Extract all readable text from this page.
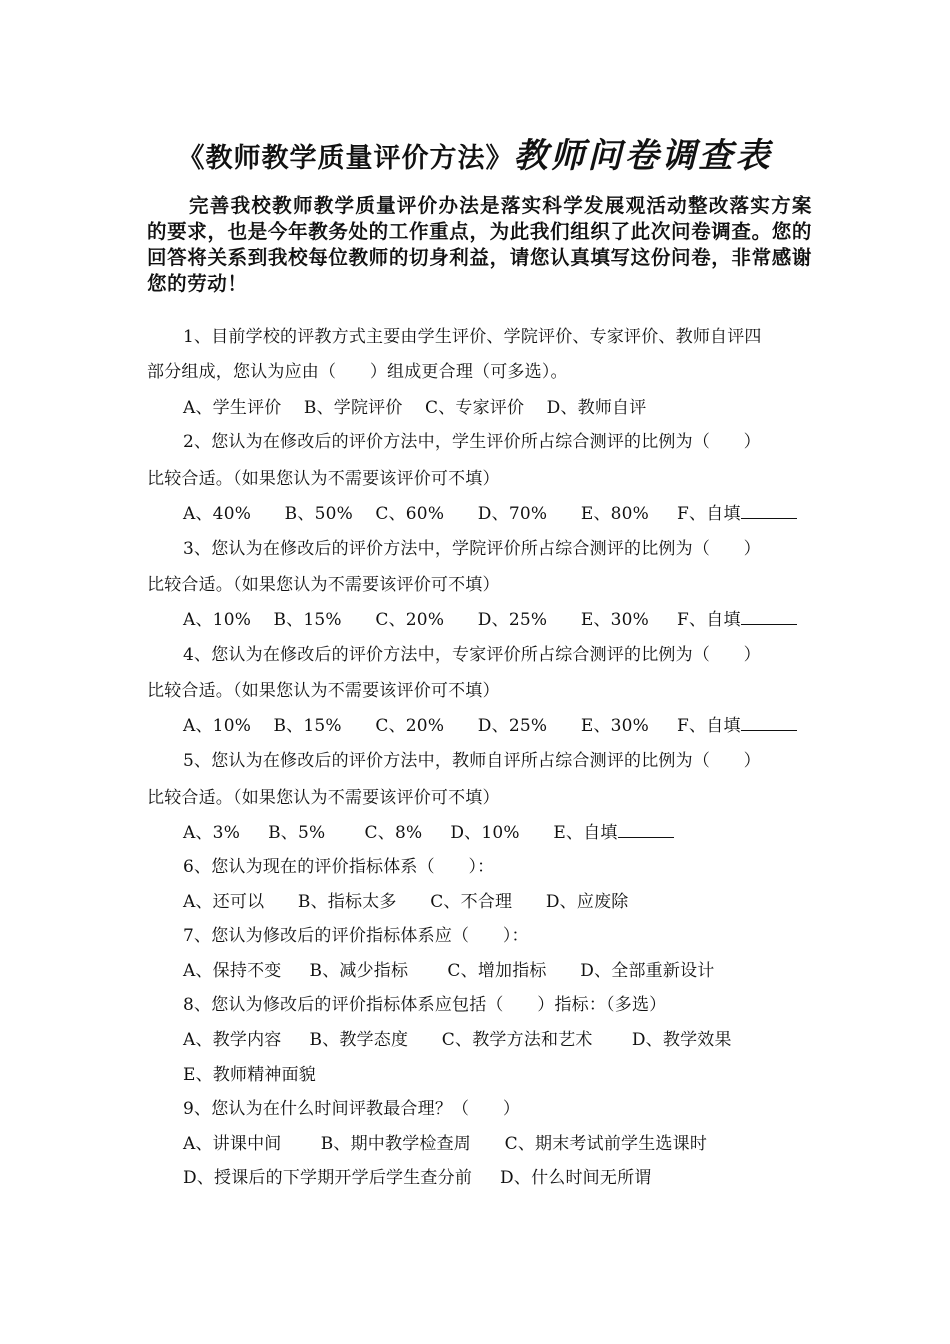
《教师教学质量评价方法》教师问卷调查表
完善我校教师教学质量评价办法是落实科学发展观活动整改落实方案的要求，也是今年教务处的工作重点，为此我们组织了此次问卷调查。您的回答将关系到我校每位教师的切身利益，请您认真填写这份问卷，非常感谢您的劳动！
1、目前学校的评教方式主要由学生评价、学院评价、专家评价、教师自评四
部分组成，您认为应由（      ）组成更合理（可多选）。
A、学生评价    B、学院评价    C、专家评价    D、教师自评
2、您认为在修改后的评价方法中，学生评价所占综合测评的比例为（      ）
比较合适。（如果您认为不需要该评价可不填）
A、40%      B、50%    C、60%      D、70%      E、80%     F、自填
3、您认为在修改后的评价方法中，学院评价所占综合测评的比例为（      ）
比较合适。（如果您认为不需要该评价可不填）
A、10%    B、15%      C、20%      D、25%      E、30%     F、自填
4、您认为在修改后的评价方法中，专家评价所占综合测评的比例为（      ）
比较合适。（如果您认为不需要该评价可不填）
A、10%    B、15%      C、20%      D、25%      E、30%     F、自填
5、您认为在修改后的评价方法中，教师自评所占综合测评的比例为（      ）
比较合适。（如果您认为不需要该评价可不填）
A、3%     B、5%       C、8%     D、10%      E、自填
6、您认为现在的评价指标体系（      ）：
A、还可以      B、指标太多      C、不合理      D、应废除
7、您认为修改后的评价指标体系应（      ）：
A、保持不变     B、减少指标       C、增加指标      D、全部重新设计
8、您认为修改后的评价指标体系应包括（      ）指标：（多选）
A、教学内容     B、教学态度      C、教学方法和艺术       D、教学效果
E、教师精神面貌
9、您认为在什么时间评教最合理？（      ）
A、讲课中间       B、期中教学检查周      C、期末考试前学生选课时
D、授课后的下学期开学后学生查分前     D、什么时间无所谓
